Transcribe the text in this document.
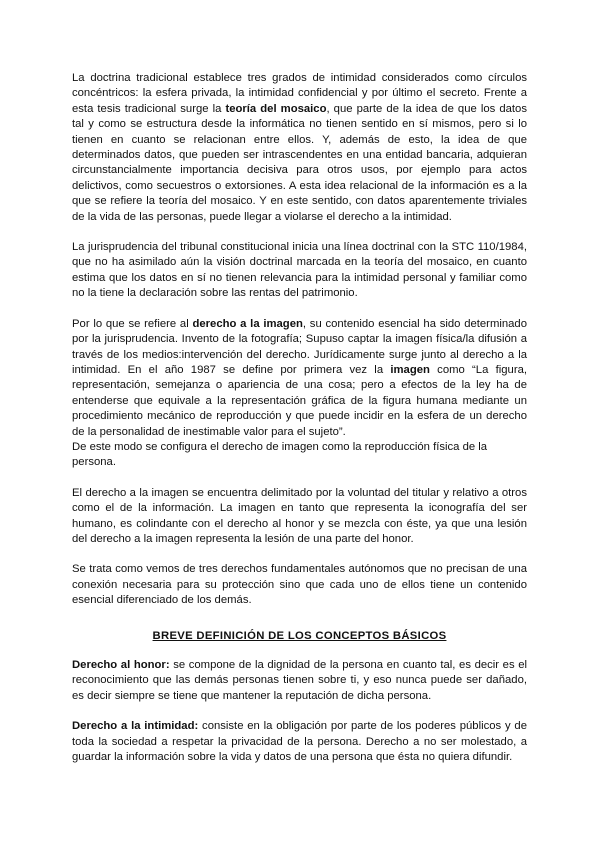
La doctrina tradicional establece tres grados de intimidad considerados como círculos concéntricos: la esfera privada, la intimidad confidencial y por último el secreto. Frente a esta tesis tradicional surge la teoría del mosaico, que parte de la idea de que los datos tal y como se estructura desde la informática no tienen sentido en sí mismos, pero si lo tienen en cuanto se relacionan entre ellos. Y, además de esto, la idea de que determinados datos, que pueden ser intrascendentes en una entidad bancaria, adquieran circunstancialmente importancia decisiva para otros usos, por ejemplo para actos delictivos, como secuestros o extorsiones. A esta idea relacional de la información es a la que se refiere la teoría del mosaico. Y en este sentido, con datos aparentemente triviales de la vida de las personas, puede llegar a violarse el derecho a la intimidad.

La jurisprudencia del tribunal constitucional inicia una línea doctrinal con la STC 110/1984, que no ha asimilado aún la visión doctrinal marcada en la teoría del mosaico, en cuanto estima que los datos en sí no tienen relevancia para la intimidad personal y familiar como no la tiene la declaración sobre las rentas del patrimonio.

Por lo que se refiere al derecho a la imagen, su contenido esencial ha sido determinado por la jurisprudencia. Invento de la fotografía; Supuso captar la imagen física/la difusión a través de los medios:intervención del derecho. Jurídicamente surge junto al derecho a la intimidad. En el año 1987 se define por primera vez la imagen como “La figura, representación, semejanza o apariencia de una cosa; pero a efectos de la ley ha de entenderse que equivale a la representación gráfica de la figura humana mediante un procedimiento mecánico de reproducción y que puede incidir en la esfera de un derecho de la personalidad de inestimable valor para el sujeto”.

De este modo se configura el derecho de imagen como la reproducción física de la persona.

El derecho a la imagen se encuentra delimitado por la voluntad del titular y relativo a otros como el de la información. La imagen en tanto que representa la iconografía del ser humano, es colindante con el derecho al honor y se mezcla con éste, ya que una lesión del derecho a la imagen representa la lesión de una parte del honor.

Se trata como vemos de tres derechos fundamentales autónomos que no precisan de una conexión necesaria para su protección sino que cada uno de ellos tiene un contenido esencial diferenciado de los demás.

BREVE DEFINICIÓN DE LOS CONCEPTOS BÁSICOS

Derecho al honor: se compone de la dignidad de la persona en cuanto tal, es decir es el reconocimiento que las demás personas tienen sobre ti, y eso nunca puede ser dañado, es decir siempre se tiene que mantener la reputación de dicha persona.

Derecho a la intimidad: consiste en la obligación por parte de los poderes públicos y de toda la sociedad a respetar la privacidad de la persona. Derecho a no ser molestado, a guardar la información sobre la vida y datos de una persona que ésta no quiera difundir.
